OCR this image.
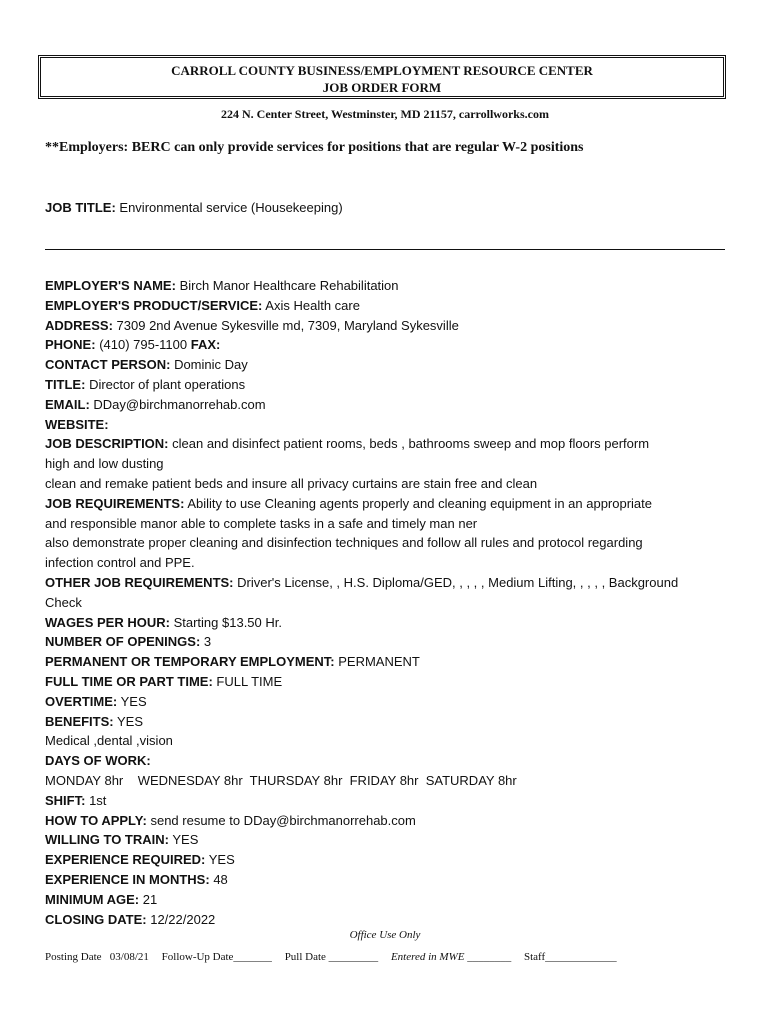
CARROLL COUNTY BUSINESS/EMPLOYMENT RESOURCE CENTER
JOB ORDER FORM
224 N. Center Street, Westminster, MD 21157, carrollworks.com
**Employers: BERC can only provide services for positions that are regular W-2 positions
JOB TITLE: Environmental service (Housekeeping)
EMPLOYER'S NAME: Birch Manor Healthcare Rehabilitation
EMPLOYER'S PRODUCT/SERVICE: Axis Health care
ADDRESS: 7309 2nd Avenue Sykesville md, 7309, Maryland Sykesville
PHONE: (410) 795-1100 FAX:
CONTACT PERSON: Dominic Day
TITLE: Director of plant operations
EMAIL: DDay@birchmanorrehab.com
WEBSITE:
JOB DESCRIPTION: clean and disinfect patient rooms, beds , bathrooms sweep and mop floors perform
high and low dusting
clean and remake patient beds and insure all privacy curtains are stain free and clean
JOB REQUIREMENTS: Ability to use Cleaning agents properly and cleaning equipment in an appropriate
and responsible manor able to complete tasks in a safe and timely man ner
also demonstrate proper cleaning and disinfection techniques and follow all rules and protocol regarding
infection control and PPE.
OTHER JOB REQUIREMENTS: Driver's License, , H.S. Diploma/GED, , , , , Medium Lifting, , , , , Background
Check
WAGES PER HOUR: Starting $13.50 Hr.
NUMBER OF OPENINGS: 3
PERMANENT OR TEMPORARY EMPLOYMENT: PERMANENT
FULL TIME OR PART TIME: FULL TIME
OVERTIME: YES
BENEFITS: YES
Medical ,dental ,vision
DAYS OF WORK:
MONDAY 8hr    WEDNESDAY 8hr  THURSDAY 8hr  FRIDAY 8hr  SATURDAY 8hr
SHIFT: 1st
HOW TO APPLY: send resume to DDay@birchmanorrehab.com
WILLING TO TRAIN: YES
EXPERIENCE REQUIRED: YES
EXPERIENCE IN MONTHS: 48
MINIMUM AGE: 21
CLOSING DATE: 12/22/2022
Office Use Only
Posting Date   03/08/21 Follow-Up Date_______ Pull Date _________ Entered in MWE ________ Staff_____________
